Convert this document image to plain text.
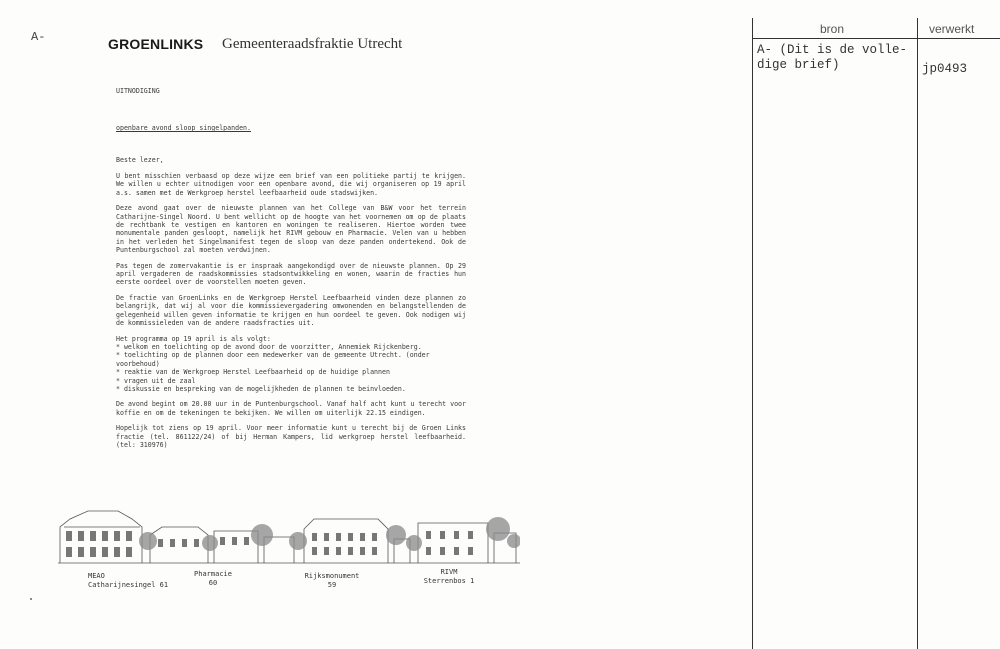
A-	GROENLINKS Gemeenteraadsfraktie Utrecht
UITNODIGING
openbare avond sloop singelpanden.
Beste lezer,

U bent misschien verbaasd op deze wijze een brief van een politieke partij te krijgen. We willen u echter uitnodigen voor een openbare avond, die wij organiseren op 19 april a.s. samen met de Werkgroep herstel leefbaarheid oude stadswijken.

Deze avond gaat over de nieuwste plannen van het College van B&W voor het terrein Catharijne-Singel Noord. U bent wellicht op de hoogte van het voornemen om op de plaats de rechtbank te vestigen en kantoren en woningen te realiseren. Hiertoe worden twee monumentale panden gesloopt, namelijk het RIVM gebouw en Pharmacie. Velen van u hebben in het verleden het Singelmanifest tegen de sloop van deze panden ondertekend. Ook de Puntenburgschool zal moeten verdwijnen.

Pas tegen de zomervakantie is er inspraak aangekondigd over de nieuwste plannen. Op 29 april vergaderen de raadskommissies stadsontwikkeling en wonen, waarin de fracties hun eerste oordeel over de voorstellen moeten geven.

De fractie van GroenLinks en de Werkgroep Herstel Leefbaarheid vinden deze plannen zo belangrijk, dat wij al voor die kommissievergadering omwonenden en belangstellenden de gelegenheid willen geven informatie te krijgen en hun oordeel te geven. Ook nodigen wij de kommissieleden van de andere raadsfracties uit.

Het programma op 19 april is als volgt:
* welkom en toelichting op de avond door de voorzitter, Annemiek Rijckenberg.
* toelichting op de plannen door een medewerker van de gemeente Utrecht. (onder voorbehoud)
* reaktie van de Werkgroep Herstel Leefbaarheid op de huidige plannen
* vragen uit de zaal
* diskussie en bespreking van de mogelijkheden de plannen te beinvloeden.

De avond begint om 20.00 uur in de Puntenburgschool. Vanaf half acht kunt u terecht voor koffie en om de tekeningen te bekijken. We willen om uiterlijk 22.15 eindigen.

Hopelijk tot ziens op 19 april. Voor meer informatie kunt u terecht bij de Groen Links fractie (tel. 861122/24) of bij Herman Kampers, lid werkgroep herstel leefbaarheid. (tel: 310976)

MEAO
Catharijnesingel 61
Pharmacie
60
Rijksmonument
59
RIVM
Sterrenbos 1
bron	verwerkt
A- (Dit is de volle-
dige brief)	jp0493
